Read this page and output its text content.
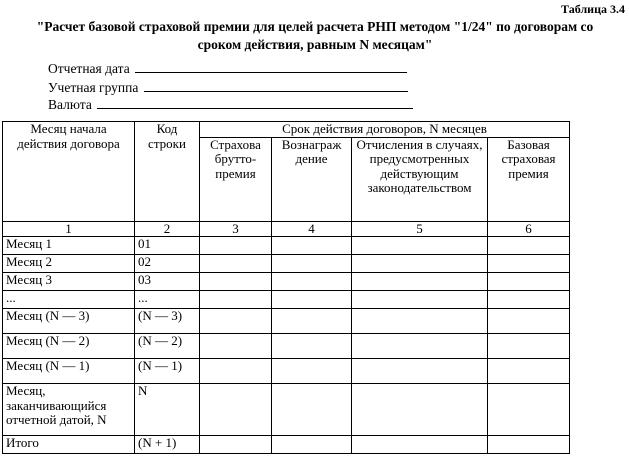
Таблица 3.4
"Расчет базовой страховой премии для целей расчета РНП методом "1/24" по договорам со сроком действия, равным N месяцам"
Отчетная дата
Учетная группа
Валюта
Месяц начала действия договора	Код строки	Срок действия договоров, N месяцев			
		Страхова брутто-премия	Вознаграж дение	Отчисления в случаях, предусмотренных действующим законодательством	Базовая страховая премия
1	2	3	4	5	6
Месяц 1	01				
Месяц 2	02				
Месяц 3	03				
...	...				
Месяц (N — 3)	(N — 3)				
Месяц (N — 2)	(N — 2)				
Месяц (N — 1)	(N — 1)				
Месяц, заканчивающийся отчетной датой, N	N				
Итого	(N + 1)				
